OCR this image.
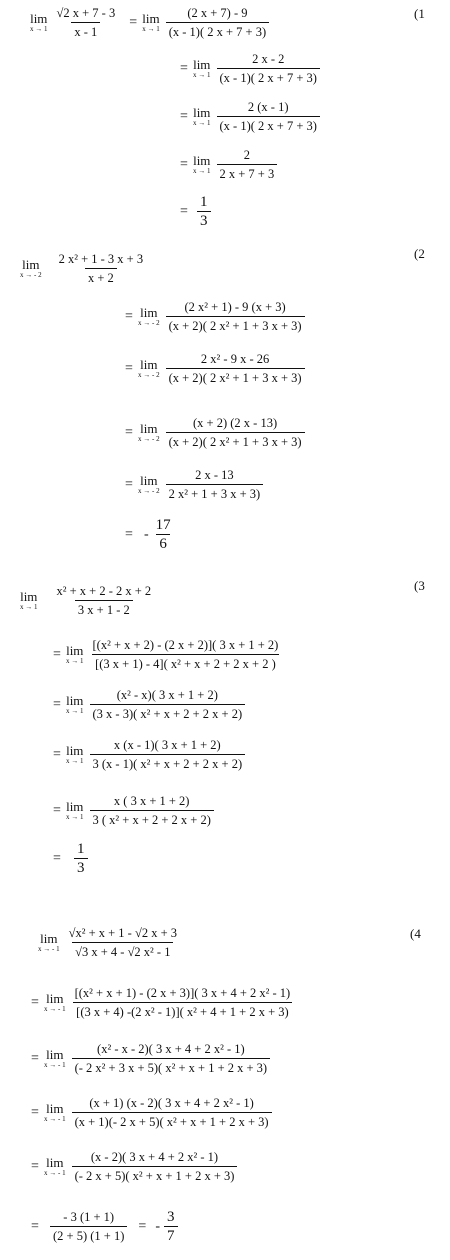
lim
$x \to 1 \frac{√2 x + 7 - 3}{x - 1} = \lim$
$x \to 1 \frac{(2 x + 7) - 9}{(x - 1)( 2 x + 7 + 3)}$	(1
= lim
$x \to 1 \frac{2 x - 2}{(x - 1)( 2 x + 7 + 3)}$
= lim
$x \to 1 \frac{2 (x - 1)}{(x - 1)( 2 x + 7 + 3)}$
= lim
$x \to 1 \frac{2}{2 x + 7 + 3}$
= $\frac{1}{3}$
lim
x → - $2 \frac{\text{2 x² + 1 - 3 x + 3}}{x + 2}$	(2
= lim
x → - $2 \frac{\text{(2 x² + 1) - 9 (x + 3)}}{\text{(x + 2)( 2 x² + 1 + 3 x + 3)}}$
= lim
x → - $2 \frac{\text{2 x² - 9 x - 26}}{\text{(x + 2)( 2 x² + 1 + 3 x + 3)}}$
= lim
x → - $2 \frac{(x + 2) (2 x - 13)}{\text{(x + 2)( 2 x² + 1 + 3 x + 3)}}$
= lim
x → - $2 \frac{2 x - 13}{\text{2 x² + 1 + 3 x + 3)}}$
= - $\frac{17}{6}$
lim
$x \to 1 \frac{\text{x² + x + 2 - 2 x + 2}}{3 x + 1 - 2}$	(3
= lim
$x \to 1 \frac{\text{[(x² + x + 2) - (2 x + 2)]( 3 x + 1 + 2)}}{\text{[(3 x + 1) - 4]( x² + x + 2 + 2 x + 2 )}}$
= lim
$x \to 1 \frac{\text{(x² - x)( 3 x + 1 + 2)}}{\text{(3 x - 3)( x² + x + 2 + 2 x + 2)}}$
= lim
$x \to 1 \frac{x (x - 1)( 3 x + 1 + 2)}{\text{3 (x - 1)( x² + x + 2 + 2 x + 2)}}$
= lim
$x \to 1 \frac{x ( 3 x + 1 + 2)}{\text{3 ( x² + x + 2 + 2 x + 2)}}$
= $\frac{1}{3}$
lim
x → - $1 \frac{\text{√x² + x + 1 - √2 x + 3}}{\text{√3 x + 4 - √2 x² - 1}}$	(4
= lim
x → - $1 \frac{\text{[(x² + x + 1) - (2 x + 3)]( 3 x + 4 + 2 x² - 1)}}{\text{[(3 x + 4) -(2 x² - 1)]( x² + 4 + 1 + 2 x + 3)}}$
= lim
x → - $1 \frac{\text{(x² - x - 2)( 3 x + 4 + 2 x² - 1)}}{\text{(- 2 x² + 3 x + 5)( x² + x + 1 + 2 x + 3)}}$
= lim
x → - $1 \frac{\text{(x + 1) (x - 2)( 3 x + 4 + 2 x² - 1)}}{\text{(x + 1)(- 2 x + 5)( x² + x + 1 + 2 x + 3)}}$
= lim
x → - $1 \frac{\text{(x - 2)( 3 x + 4 + 2 x² - 1)}}{\text{(- 2 x + 5)( x² + x + 1 + 2 x + 3)}}$
= $\frac{- 3 (1 + 1)}{(2 + 5) (1 + 1)}$ = - $\frac{3}{7}$
